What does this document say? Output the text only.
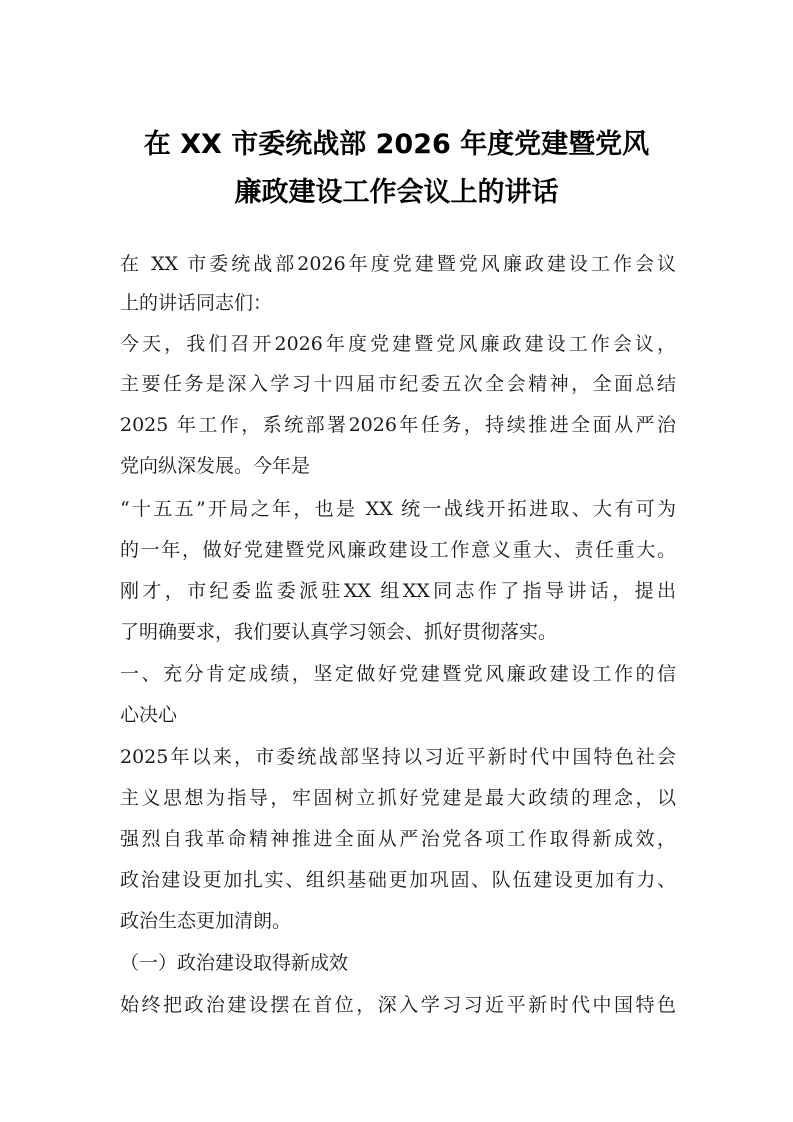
在 XX 市委统战部 2026 年度党建暨党风
廉政建设工作会议上的讲话
在 XX 市委统战部2026年度党建暨党风廉政建设工作会议
上的讲话同志们：
今天，我们召开2026年度党建暨党风廉政建设工作会议，
主要任务是深入学习十四届市纪委五次全会精神，全面总结
2025 年工作，系统部署2026年任务，持续推进全面从严治
党向纵深发展。今年是
“十五五”开局之年，也是 XX 统一战线开拓进取、大有可为
的一年，做好党建暨党风廉政建设工作意义重大、责任重大。
刚才，市纪委监委派驻XX 组XX同志作了指导讲话，提出
了明确要求，我们要认真学习领会、抓好贯彻落实。
一、充分肯定成绩，坚定做好党建暨党风廉政建设工作的信
心决心
2025年以来，市委统战部坚持以习近平新时代中国特色社会
主义思想为指导，牢固树立抓好党建是最大政绩的理念，以
强烈自我革命精神推进全面从严治党各项工作取得新成效，
政治建设更加扎实、组织基础更加巩固、队伍建设更加有力、
政治生态更加清朗。
（一）政治建设取得新成效
始终把政治建设摆在首位，深入学习习近平新时代中国特色
